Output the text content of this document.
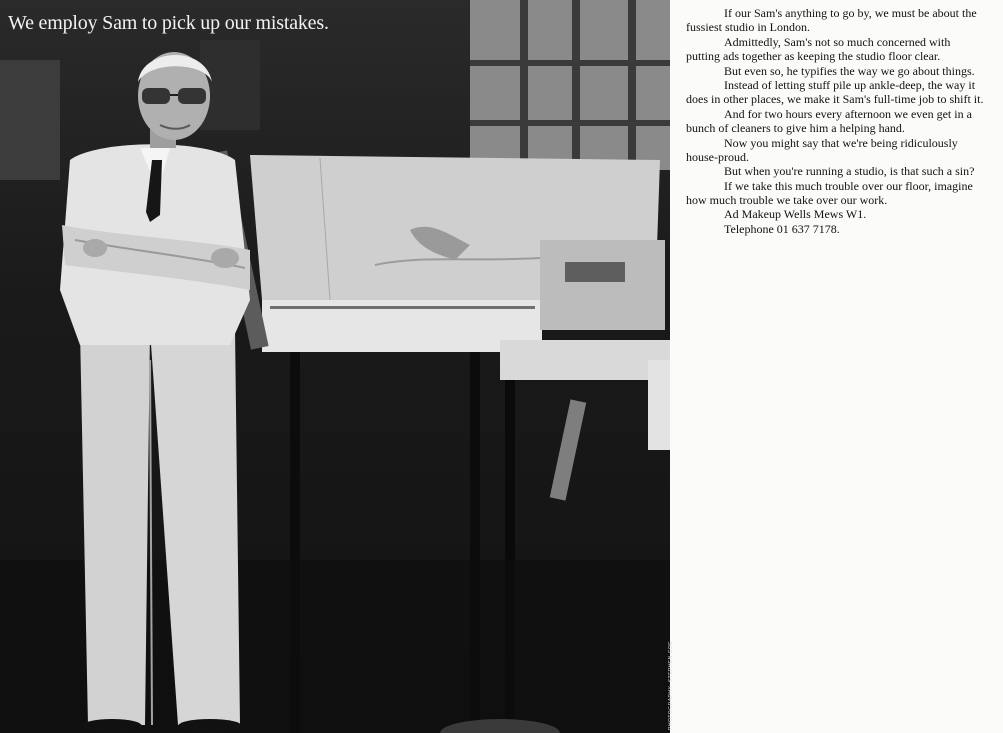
We employ Sam to pick up our mistakes.
PHOTOGRAPHY: STEPHEN COE

If our Sam's anything to go by, we must be about the fussiest studio in London.

Admittedly, Sam's not so much concerned with putting ads together as keeping the studio floor clear.

But even so, he typifies the way we go about things.

Instead of letting stuff pile up ankle-deep, the way it does in other places, we make it Sam's full-time job to shift it.

And for two hours every afternoon we even get in a bunch of cleaners to give him a helping hand.

Now you might say that we're being ridiculously house-proud.

But when you're running a studio, is that such a sin?

If we take this much trouble over our floor, imagine how much trouble we take over our work.

Ad Makeup Wells Mews W1.

Telephone 01 637 7178.
